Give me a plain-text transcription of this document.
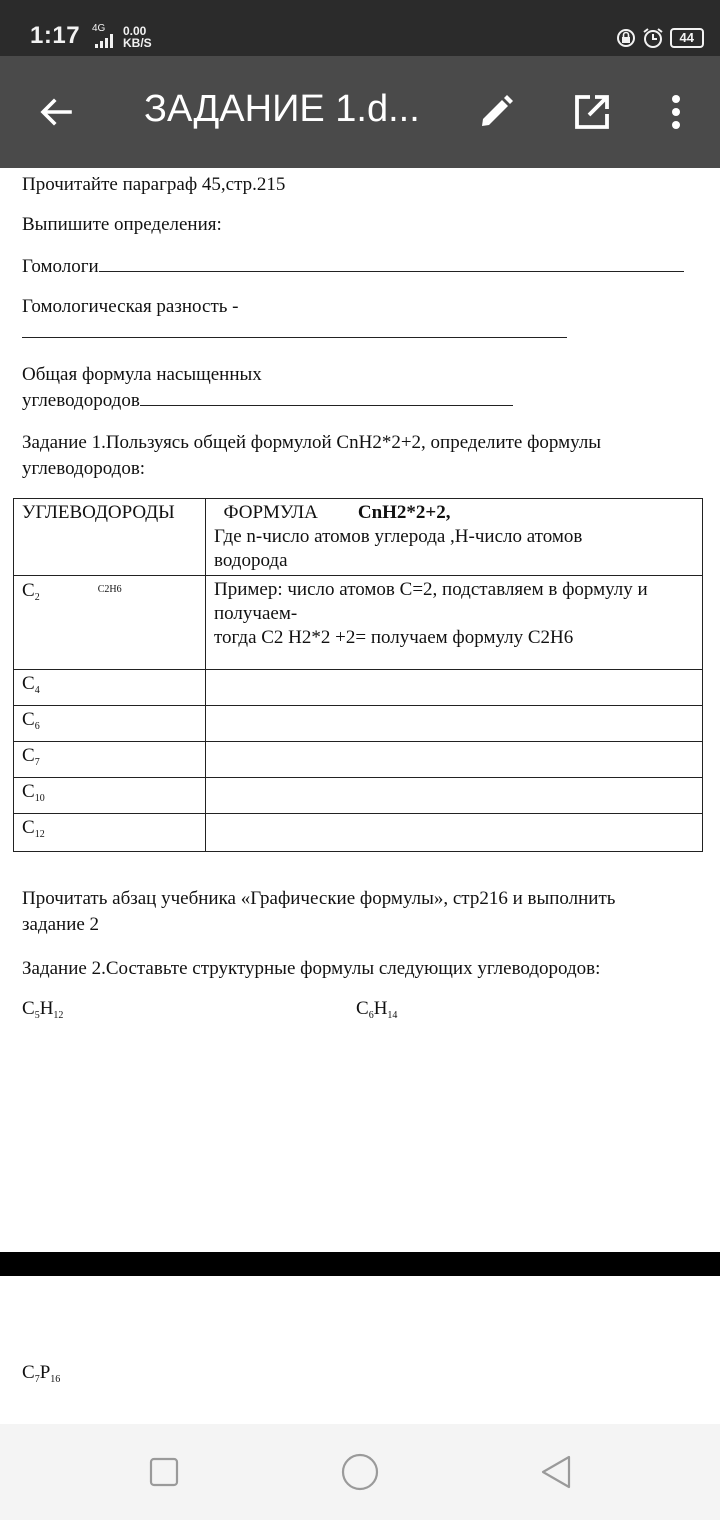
1:17 4G 0.00
KB/S	44
ЗАДАНИЕ 1.d...
Прочитайте параграф 45,стр.215
Выпишите определения:
Гомологи
Гомологическая разность -
Общая формула насыщенных
углеводородов
Задание 1.Пользуясь общей формулой CnH2*2+2, определите формулы
углеводородов:
УГЛЕВОДОРОДЫ	ФОРМУЛА CnH2*2+2,
Где n-число атомов углерода ,Н-число атомов
водорода

$C_2^{C2H6}$	Пример: число атомов С=2, подставляем в формулу и
получаем-
тогда C2 H2*2 +2= получаем формулу C2H6

$C_4$	
$C_6$	
$C_7$	
$C_{10}$	
$C_{12}$	
Прочитать абзац учебника «Графические формулы», стр216 и выполнить
задание 2
Задание 2.Составьте структурные формулы следующих углеводородов:
$C_5H_{12}$	$C_6H_{14}$
$C_7P_{16}$
